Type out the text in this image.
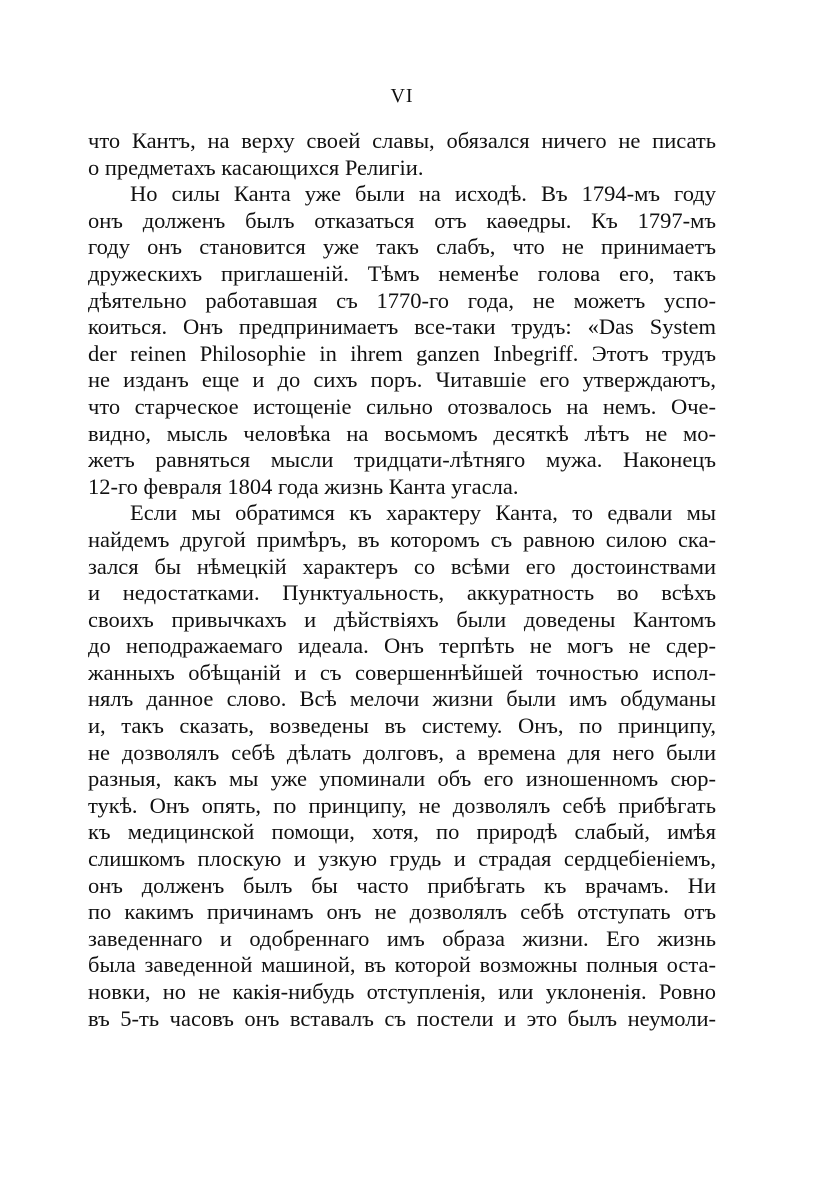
VI
что Кантъ, на верху своей славы, обязался ничего не писать
о предметахъ касающихся Религіи.
Но силы Канта уже были на исходѣ. Въ 1794-мъ году
онъ долженъ былъ отказаться отъ каѳедры. Къ 1797-мъ
году онъ становится уже такъ слабъ, что не принимаетъ
дружескихъ приглашеній. Тѣмъ неменѣе голова его, такъ
дѣятельно работавшая съ 1770-го года, не можетъ успо-
коиться. Онъ предпринимаетъ все-таки трудъ: «Das System
der reinen Philosophie in ihrem ganzen Inbegriff. Этотъ трудъ
не изданъ еще и до сихъ поръ. Читавшіе его утверждаютъ,
что старческое истощеніе сильно отозвалось на немъ. Оче-
видно, мысль человѣка на восьмомъ десяткѣ лѣтъ не мо-
жетъ равняться мысли тридцати-лѣтняго мужа. Наконецъ
12-го февраля 1804 года жизнь Канта угасла.
Если мы обратимся къ характеру Канта, то едвали мы
найдемъ другой примѣръ, въ которомъ съ равною силою ска-
зался бы нѣмецкій характеръ со всѣми его достоинствами
и недостатками. Пунктуальность, аккуратность во всѣхъ
своихъ привычкахъ и дѣйствіяхъ были доведены Кантомъ
до неподражаемаго идеала. Онъ терпѣть не могъ не сдер-
жанныхъ обѣщаній и съ совершеннѣйшей точностью испол-
нялъ данное слово. Всѣ мелочи жизни были имъ обдуманы
и, такъ сказать, возведены въ систему. Онъ, по принципу,
не дозволялъ себѣ дѣлать долговъ, а времена для него были
разныя, какъ мы уже упоминали объ его изношенномъ сюр-
тукѣ. Онъ опять, по принципу, не дозволялъ себѣ прибѣгать
къ медицинской помощи, хотя, по природѣ слабый, имѣя
слишкомъ плоскую и узкую грудь и страдая сердцебіеніемъ,
онъ долженъ былъ бы часто прибѣгать къ врачамъ. Ни
по какимъ причинамъ онъ не дозволялъ себѣ отступать отъ
заведеннаго и одобреннаго имъ образа жизни. Его жизнь
была заведенной машиной, въ которой возможны полныя оста-
новки, но не какія-нибудь отступленія, или уклоненія. Ровно
въ 5-ть часовъ онъ вставалъ съ постели и это былъ неумоли-
